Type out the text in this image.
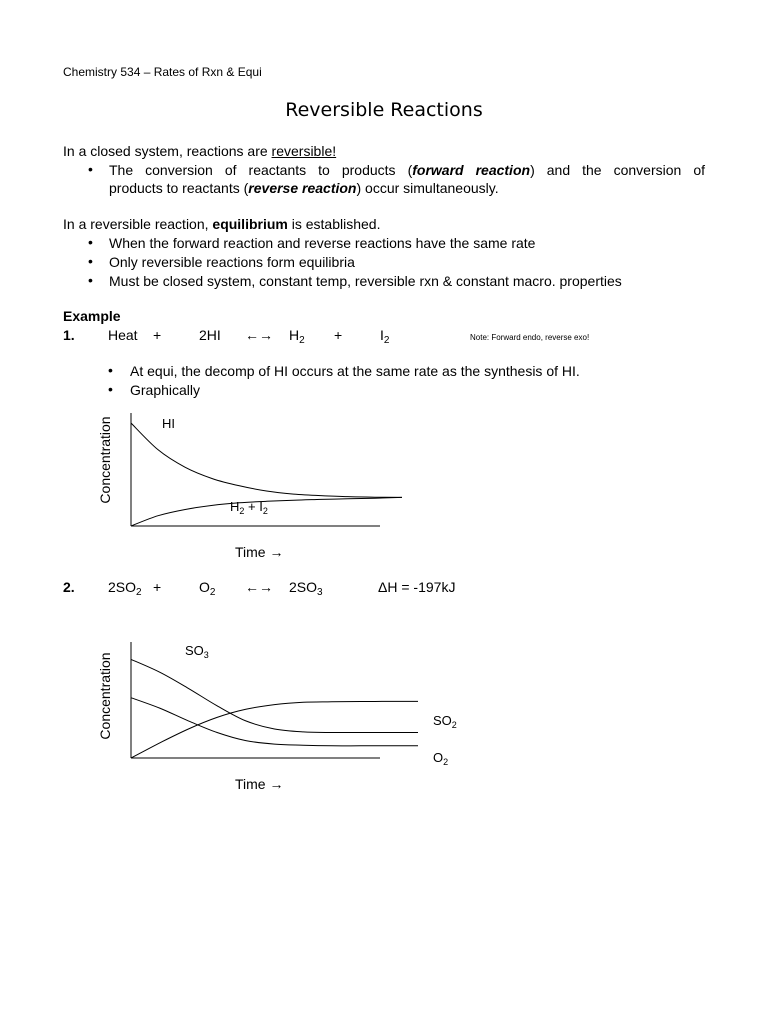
Chemistry 534 – Rates of Rxn & Equi
Reversible Reactions
In a closed system, reactions are reversible!
• The conversion of reactants to products (forward reaction) and the conversion of
products to reactants (reverse reaction) occur simultaneously.
In a reversible reaction, equilibrium is established.
• When the forward reaction and reverse reactions have the same rate
• Only reversible reactions form equilibria
• Must be closed system, constant temp, reversible rxn & constant macro. properties
Example
1. Heat +	2HI ←→ $H_2$ +	$I_2$	Note: Forward endo, reverse exo!
• At equi, the decomp of HI occurs at the same rate as the synthesis of HI.
• Graphically
Concentration	HI
$H_2 + I_2$
Time →
2. $2SO_2$ +	$O_2$ ←→ $2SO_3$	ΔH = -197kJ
Concentration
$SO_3$
$SO_2$
$O_2$
Time →
